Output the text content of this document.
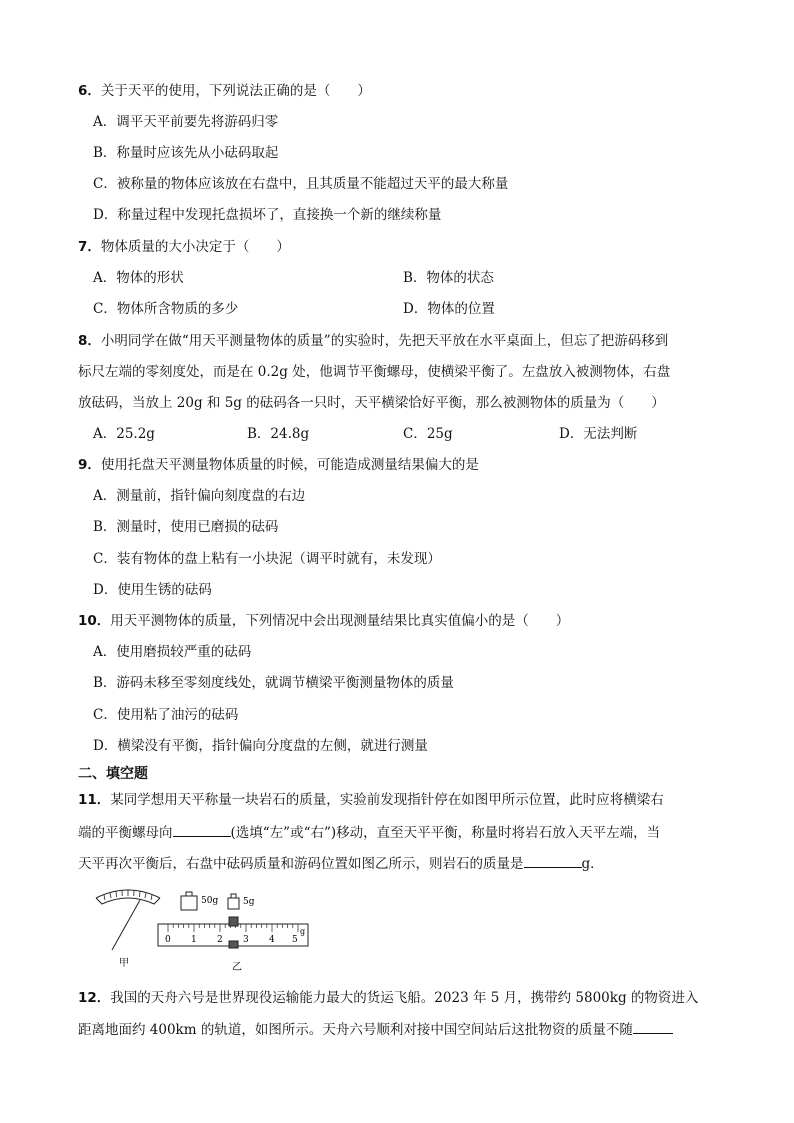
6．关于天平的使用，下列说法正确的是（　　）
A．调平天平前要先将游码归零
B．称量时应该先从小砝码取起
C．被称量的物体应该放在右盘中，且其质量不能超过天平的最大称量
D．称量过程中发现托盘损坏了，直接换一个新的继续称量
7．物体质量的大小决定于（　　）
A．物体的形状	B．物体的状态
C．物体所含物质的多少	D．物体的位置
8．小明同学在做“用天平测量物体的质量”的实验时，先把天平放在水平桌面上，但忘了把游码移到
标尺左端的零刻度处，而是在 0.2g 处，他调节平衡螺母，使横梁平衡了。左盘放入被测物体，右盘
放砝码，当放上 20g 和 5g 的砝码各一只时，天平横梁恰好平衡，那么被测物体的质量为（　　）
A．25.2g	B．24.8g	C．25g	D．无法判断
9．使用托盘天平测量物体质量的时候，可能造成测量结果偏大的是
A．测量前，指针偏向刻度盘的右边
B．测量时，使用已磨损的砝码
C．装有物体的盘上粘有一小块泥（调平时就有，未发现）
D．使用生锈的砝码
10．用天平测物体的质量，下列情况中会出现测量结果比真实值偏小的是（　　）
A．使用磨损较严重的砝码
B．游码未移至零刻度线处，就调节横梁平衡测量物体的质量
C．使用粘了油污的砝码
D．横梁没有平衡，指针偏向分度盘的左侧，就进行测量
二、填空题
11．某同学想用天平称量一块岩石的质量，实验前发现指针停在如图甲所示位置，此时应将横梁右
端的平衡螺母向	(选填“左”或“右”)移动，直至天平平衡，称量时将岩石放入天平左端，当
天平再次平衡后，右盘中砝码质量和游码位置如图乙所示，则岩石的质量是	g．
甲
50g	5g
0 1 2 3 4 5
g
乙
12．我国的天舟六号是世界现役运输能力最大的货运飞船。2023 年 5 月，携带约 5800kg 的物资进入
距离地面约 400km 的轨道，如图所示。天舟六号顺利对接中国空间站后这批物资的质量不随
